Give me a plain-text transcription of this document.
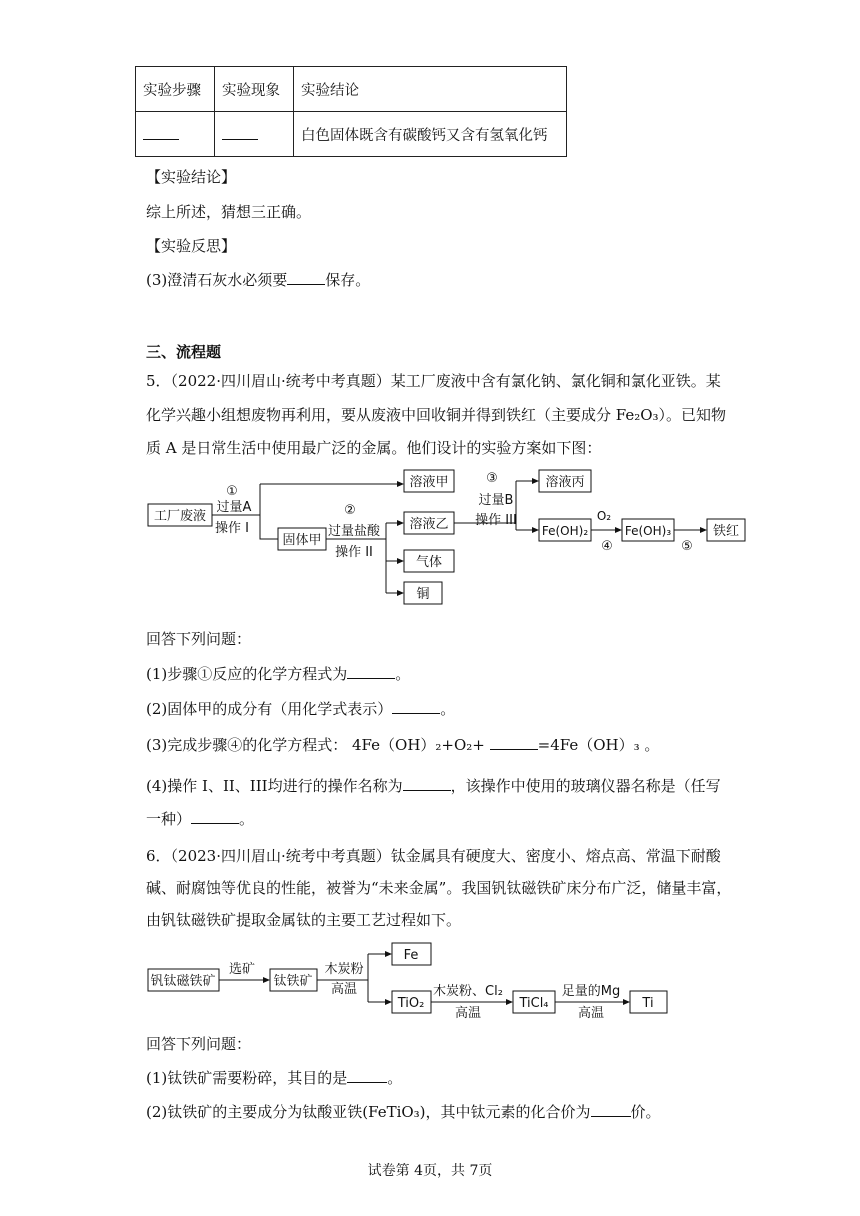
实验步骤	实验现象	实验结论
		白色固体既含有碳酸钙又含有氢氧化钙
【实验结论】
综上所述，猜想三正确。
【实验反思】
(3)澄清石灰水必须要	保存。
三、流程题
5．（2022·四川眉山·统考中考真题）某工厂废液中含有氯化钠、氯化铜和氯化亚铁。某
化学兴趣小组想废物再利用，要从废液中回收铜并得到铁红（主要成分 Fe₂O₃）。已知物
质 A 是日常生活中使用最广泛的金属。他们设计的实验方案如下图：
工厂废液
①
过量A
操作 I
固体甲
②
过量盐酸
操作 II
溶液甲
溶液乙
气体
铜
③
过量B
操作 III
溶液丙
Fe(OH)₂
O₂
④
Fe(OH)₃
⑤
铁红
回答下列问题：
(1)步骤①反应的化学方程式为	。
(2)固体甲的成分有（用化学式表示）	。
(3)完成步骤④的化学方程式： 4Fe（OH）₂+O₂+	=4Fe（OH）₃ 。
(4)操作 I、II、III均进行的操作名称为	，该操作中使用的玻璃仪器名称是（任写
一种）	。
6．（2023·四川眉山·统考中考真题）钛金属具有硬度大、密度小、熔点高、常温下耐酸
碱、耐腐蚀等优良的性能，被誉为“未来金属”。我国钒钛磁铁矿床分布广泛，储量丰富，
由钒钛磁铁矿提取金属钛的主要工艺过程如下。
钒钛磁铁矿
选矿
钛铁矿
木炭粉
高温
Fe
TiO₂
木炭粉、Cl₂
高温
TiCl₄
足量的Mg
高温
Ti
回答下列问题：
(1)钛铁矿需要粉碎，其目的是	。
(2)钛铁矿的主要成分为钛酸亚铁(FeTiO₃)，其中钛元素的化合价为	价。
试卷第 4页，共 7页
